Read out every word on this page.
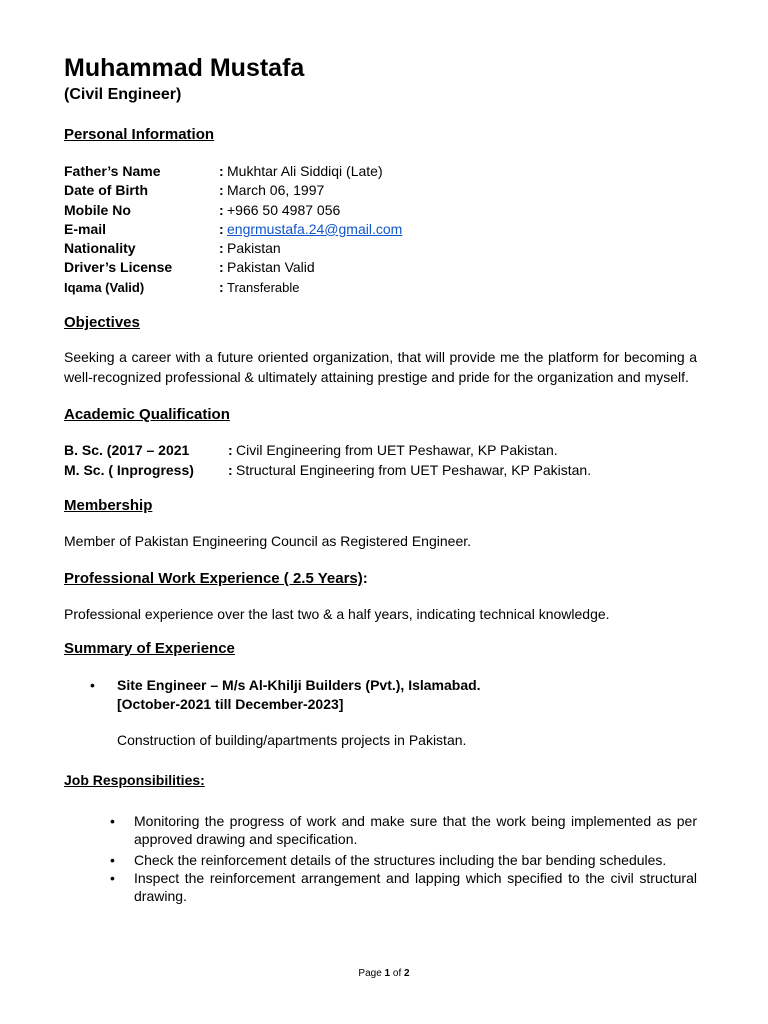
Muhammad Mustafa

(Civil Engineer)

Personal Information

Father’s Name	: Mukhtar Ali Siddiqi (Late)
Date of Birth	: March 06, 1997
Mobile No	: +966 50 4987 056
E-mail	: engrmustafa.24@gmail.com
Nationality	: Pakistan
Driver’s License	: Pakistan Valid
Iqama (Valid)	: Transferable

Objectives

Seeking a career with a future oriented organization, that will provide me the platform for becoming a well-recognized professional & ultimately attaining prestige and pride for the organization and myself.

Academic Qualification

B. Sc. (2017 – 2021	: Civil Engineering from UET Peshawar, KP Pakistan.
M. Sc. ( Inprogress)	: Structural Engineering from UET Peshawar, KP Pakistan.

Membership

Member of Pakistan Engineering Council as Registered Engineer.

Professional Work Experience ( 2.5 Years):

Professional experience over the last two & a half years, indicating technical knowledge.

Summary of Experience

• Site Engineer – M/s Al-Khilji Builders (Pvt.), Islamabad.

[October-2021 till December-2023]

Construction of building/apartments projects in Pakistan.

Job Responsibilities:

• Monitoring the progress of work and make sure that the work being implemented as per approved drawing and specification.
• Check the reinforcement details of the structures including the bar bending schedules.
• Inspect the reinforcement arrangement and lapping which specified to the civil structural drawing.
Page 1 of 2
